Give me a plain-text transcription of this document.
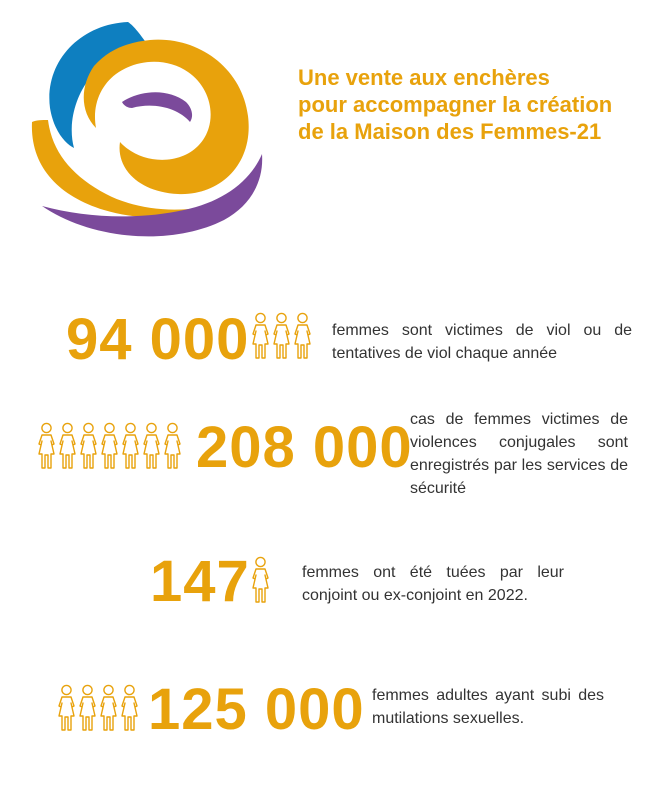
Une vente aux enchères
pour accompagner la création
de la Maison des Femmes-21
94 000	femmes sont victimes de viol ou de tentatives de viol chaque année
208 000
cas de femmes victimes de violences conjugales sont enregistrés par les services de sécurité
147	femmes ont été tuées par leur conjoint ou ex-conjoint en 2022.
125 000 femmes adultes ayant subi des mutilations sexuelles.
